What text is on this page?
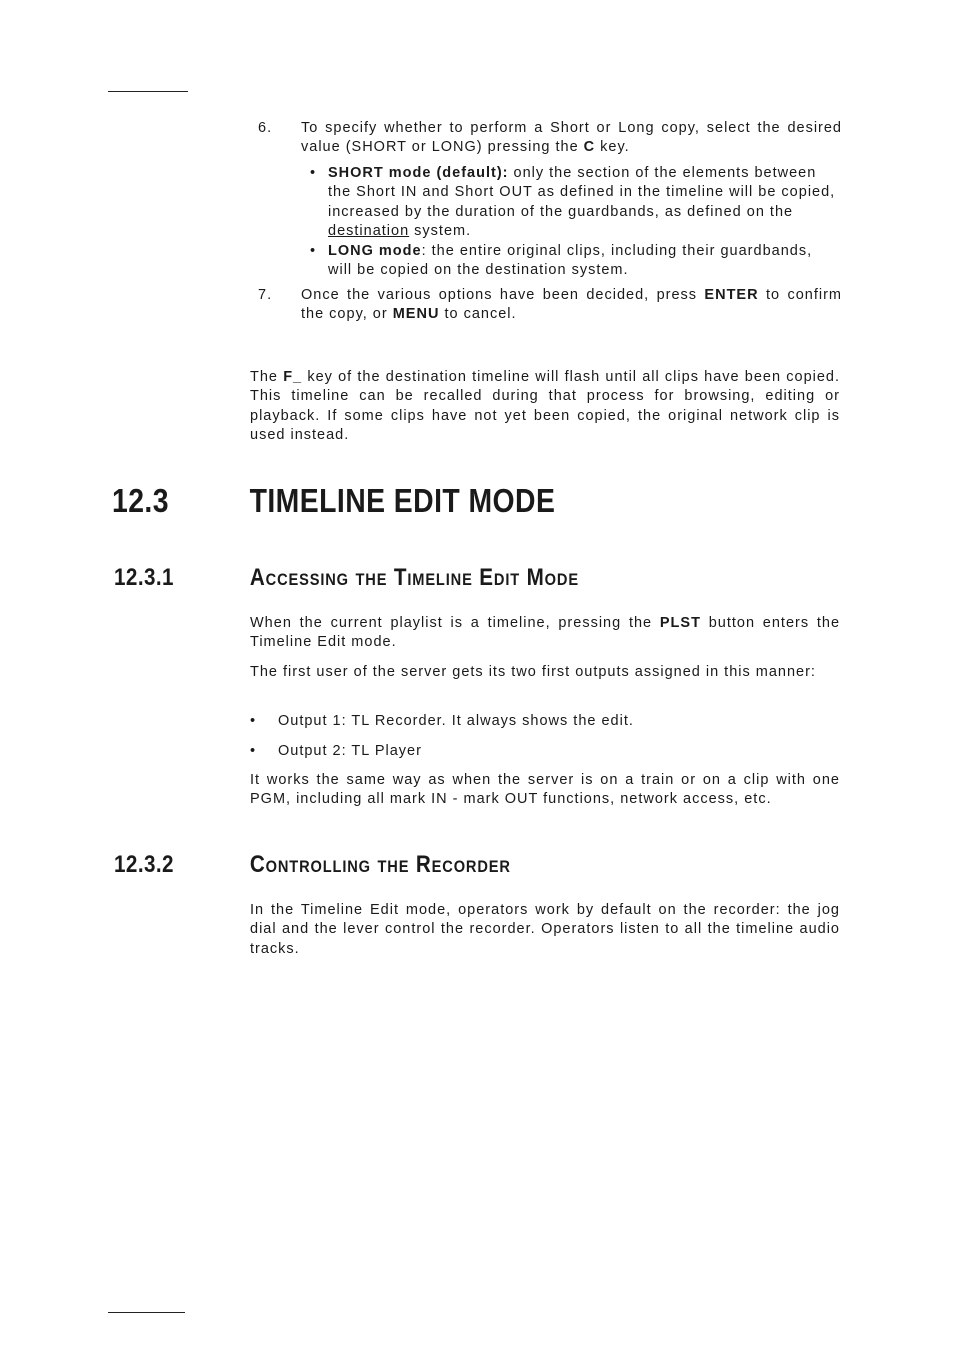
6. To specify whether to perform a Short or Long copy, select the desired value (SHORT or LONG) pressing the C key.
• SHORT mode (default): only the section of the elements between the Short IN and Short OUT as defined in the timeline will be copied, increased by the duration of the guardbands, as defined on the destination system.
• LONG mode: the entire original clips, including their guardbands, will be copied on the destination system.
7. Once the various options have been decided, press ENTER to confirm the copy, or MENU to cancel.
The F_ key of the destination timeline will flash until all clips have been copied. This timeline can be recalled during that process for browsing, editing or playback. If some clips have not yet been copied, the original network clip is used instead.
12.3 TIMELINE EDIT MODE
12.3.1	Accessing the Timeline Edit Mode
When the current playlist is a timeline, pressing the PLST button enters the Timeline Edit mode.
The first user of the server gets its two first outputs assigned in this manner:
• Output 1: TL Recorder. It always shows the edit.
• Output 2: TL Player
It works the same way as when the server is on a train or on a clip with one PGM, including all mark IN - mark OUT functions, network access, etc.
12.3.2	Controlling the Recorder
In the Timeline Edit mode, operators work by default on the recorder: the jog dial and the lever control the recorder. Operators listen to all the timeline audio tracks.
